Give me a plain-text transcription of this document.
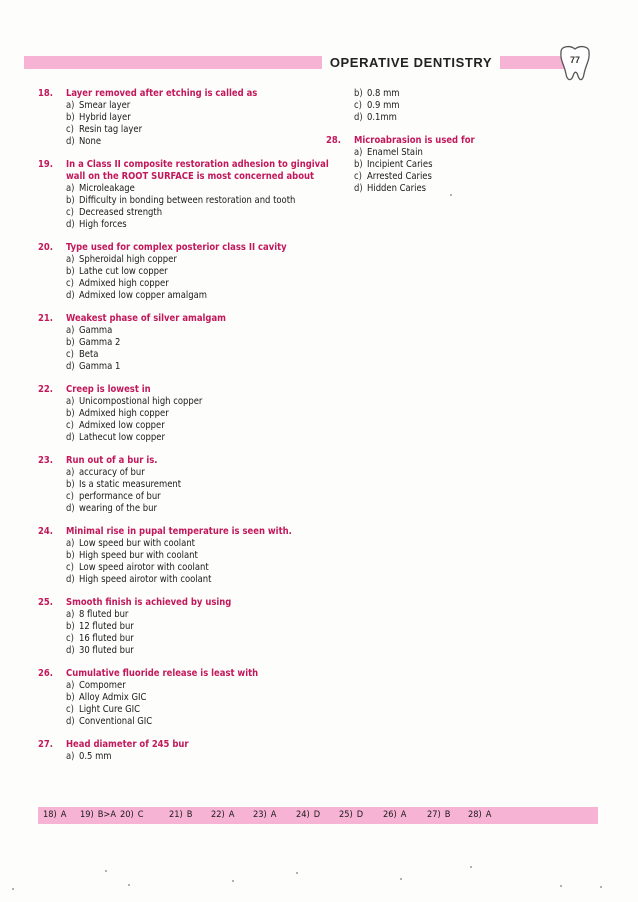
OPERATIVE DENTISTRY	77
18.	Layer removed after etching is called as
a) Smear layer
b) Hybrid layer
c) Resin tag layer
d) None
19.	In a Class II composite restoration adhesion to gingival wall on the ROOT SURFACE is most concerned about
a) Microleakage
b) Difficulty in bonding between restoration and tooth
c) Decreased strength
d) High forces
20.	Type used for complex posterior class II cavity
a) Spheroidal high copper
b) Lathe cut low copper
c) Admixed high copper
d) Admixed low copper amalgam
21.	Weakest phase of silver amalgam
a) Gamma
b) Gamma 2
c) Beta
d) Gamma 1
22.	Creep is lowest in
a) Unicompostional high copper
b) Admixed high copper
c) Admixed low copper
d) Lathecut low copper
23.	Run out of a bur is.
a) accuracy of bur
b) Is a static measurement
c) performance of bur
d) wearing of the bur
24.	Minimal rise in pupal temperature is seen with.
a) Low speed bur with coolant
b) High speed bur with coolant
c) Low speed airotor with coolant
d) High speed airotor with coolant
25.	Smooth finish is achieved by using
a) 8 fluted bur
b) 12 fluted bur
c) 16 fluted bur
d) 30 fluted bur
26.	Cumulative fluoride release is least with
a) Compomer
b) Alloy Admix GIC
c) Light Cure GIC
d) Conventional GIC
27.	Head diameter of 245 bur
a) 0.5 mm
b) 0.8 mm
c) 0.9 mm
d) 0.1mm
28.	Microabrasion is used for
a) Enamel Stain
b) Incipient Caries
c) Arrested Caries
d) Hidden Caries
18) A 19) B>A 20) C	21) B 22) A 23) A 24) D 25) D 26) A 27) B 28) A
